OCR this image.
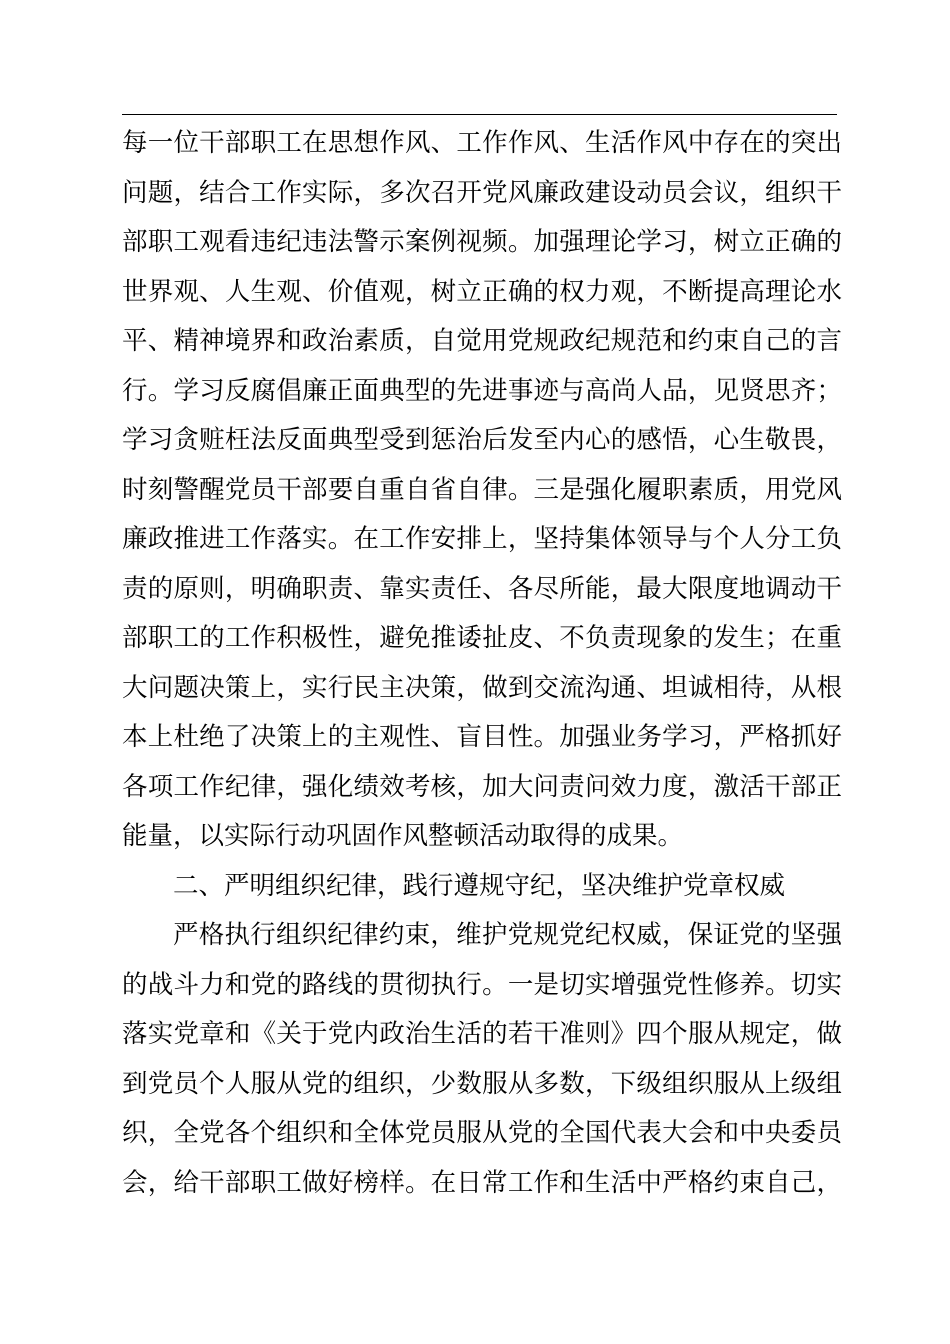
每一位干部职工在思想作风、工作作风、生活作风中存在的突出
问题，结合工作实际，多次召开党风廉政建设动员会议，组织干
部职工观看违纪违法警示案例视频。加强理论学习，树立正确的
世界观、人生观、价值观，树立正确的权力观，不断提高理论水
平、精神境界和政治素质，自觉用党规政纪规范和约束自己的言
行。学习反腐倡廉正面典型的先进事迹与高尚人品，见贤思齐；
学习贪赃枉法反面典型受到惩治后发至内心的感悟，心生敬畏，
时刻警醒党员干部要自重自省自律。三是强化履职素质，用党风
廉政推进工作落实。在工作安排上，坚持集体领导与个人分工负
责的原则，明确职责、靠实责任、各尽所能，最大限度地调动干
部职工的工作积极性，避免推诿扯皮、不负责现象的发生；在重
大问题决策上，实行民主决策，做到交流沟通、坦诚相待，从根
本上杜绝了决策上的主观性、盲目性。加强业务学习，严格抓好
各项工作纪律，强化绩效考核，加大问责问效力度，激活干部正
能量，以实际行动巩固作风整顿活动取得的成果。
二、严明组织纪律，践行遵规守纪，坚决维护党章权威
严格执行组织纪律约束，维护党规党纪权威，保证党的坚强
的战斗力和党的路线的贯彻执行。一是切实增强党性修养。切实
落实党章和《关于党内政治生活的若干准则》四个服从规定，做
到党员个人服从党的组织，少数服从多数，下级组织服从上级组
织，全党各个组织和全体党员服从党的全国代表大会和中央委员
会，给干部职工做好榜样。在日常工作和生活中严格约束自己，
